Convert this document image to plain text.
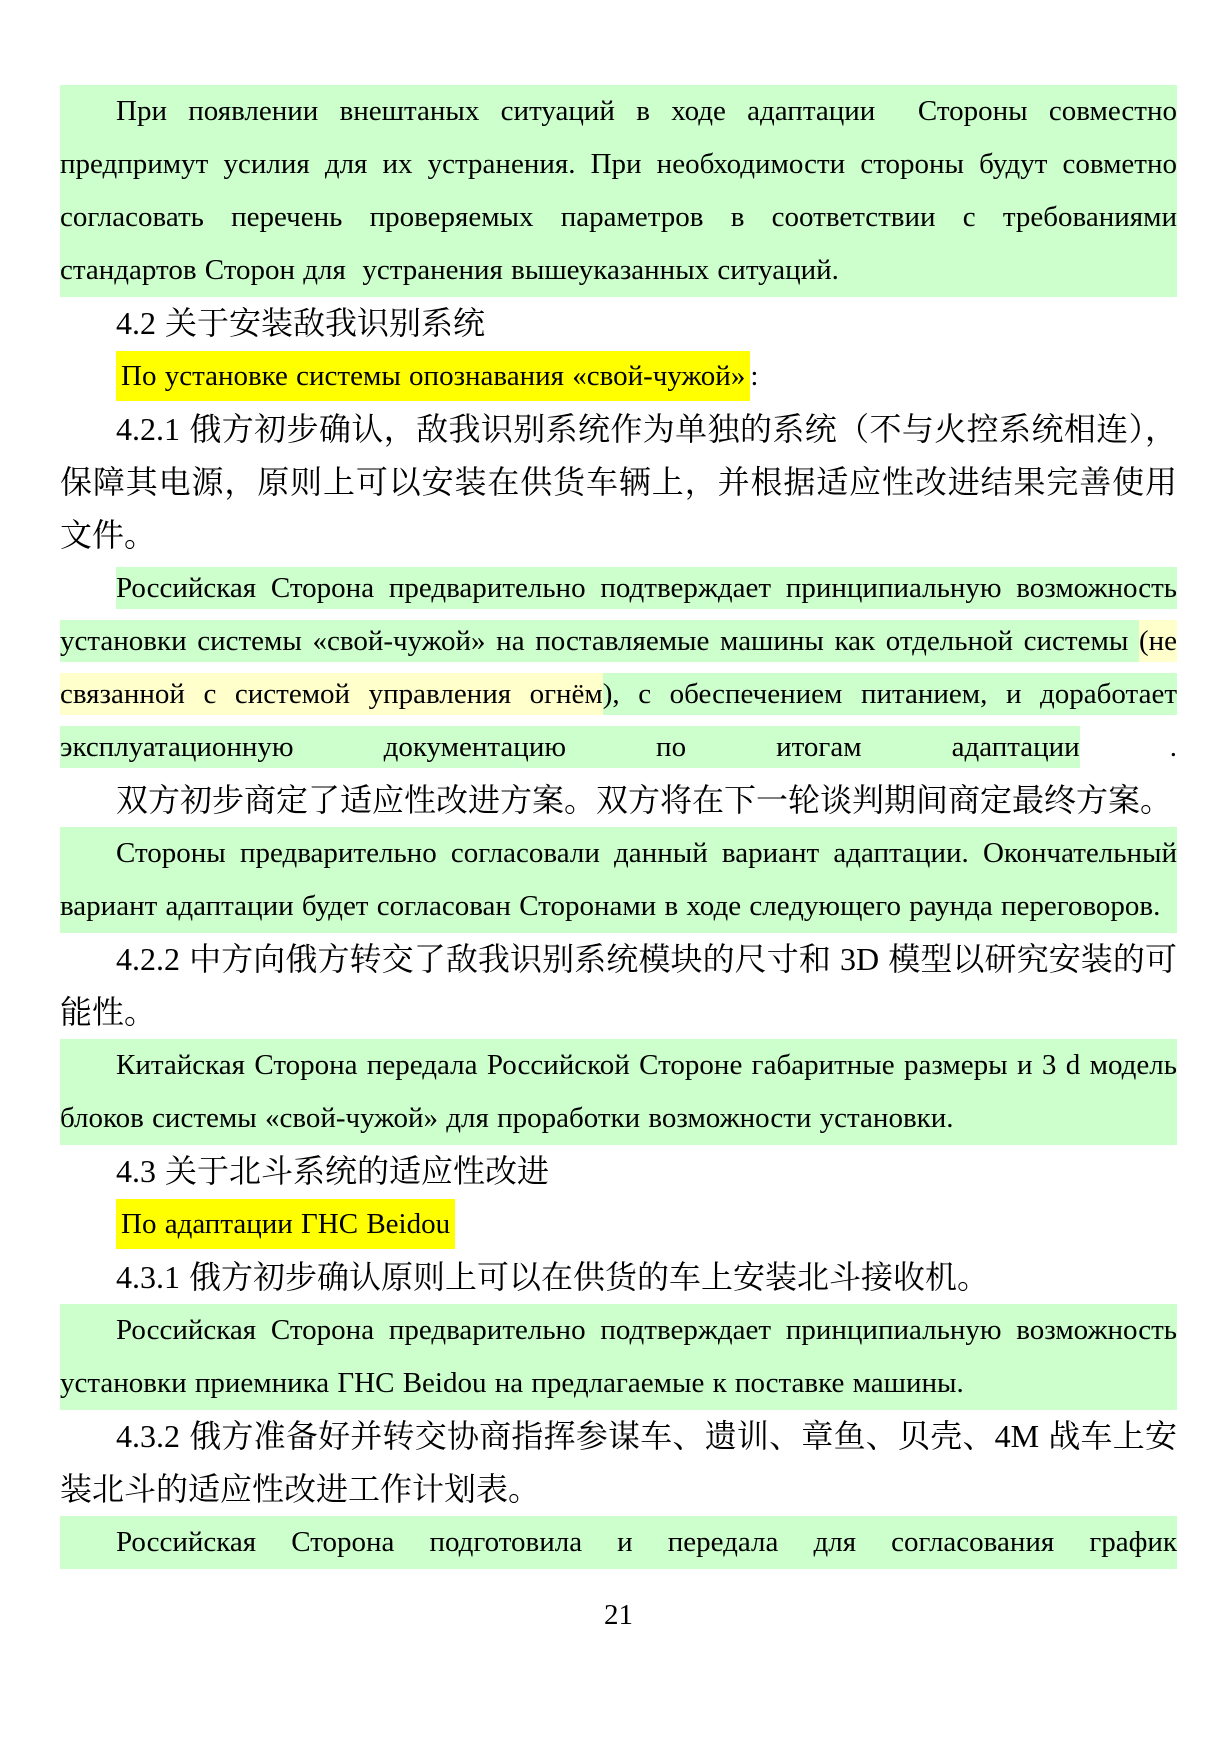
При появлении внештаных ситуаций в ходе адаптации  Стороны совместно предпримут усилия для их устранения. При необходимости стороны будут совметно согласовать перечень проверяемых параметров в соответствии с требованиями стандартов Сторон для  устранения вышеуказанных ситуаций.
4.2 关于安装敌我识别系统
По установке системы опознавания «свой-чужой» :
4.2.1 俄方初步确认，敌我识别系统作为单独的系统（不与火控系统相连），保障其电源，原则上可以安装在供货车辆上，并根据适应性改进结果完善使用文件。
Российская Сторона предварительно подтверждает принципиальную возможность установки системы «свой-чужой» на поставляемые машины как отдельной системы (не связанной с системой управления огнём), с обеспечением питанием, и доработает эксплуатационную документацию по итогам адаптации .
双方初步商定了适应性改进方案。双方将在下一轮谈判期间商定最终方案。
Стороны предварительно согласовали данный вариант адаптации. Окончательный вариант адаптации будет согласован Сторонами в ходе следующего раунда переговоров.
4.2.2 中方向俄方转交了敌我识别系统模块的尺寸和 3D 模型以研究安装的可能性。
Китайская Сторона передала Российской Стороне габаритные размеры и 3 d модель блоков системы «свой-чужой» для проработки возможности установки.
4.3 关于北斗系统的适应性改进
По адаптации ГНС Beidou
4.3.1 俄方初步确认原则上可以在供货的车上安装北斗接收机。
Российская Сторона предварительно подтверждает принципиальную возможность установки приемника ГНС Beidou на предлагаемые к поставке машины.
4.3.2 俄方准备好并转交协商指挥参谋车、遗训、章鱼、贝壳、4M 战车上安装北斗的适应性改进工作计划表。
Российская Сторона подготовила и передала для согласования график
21
